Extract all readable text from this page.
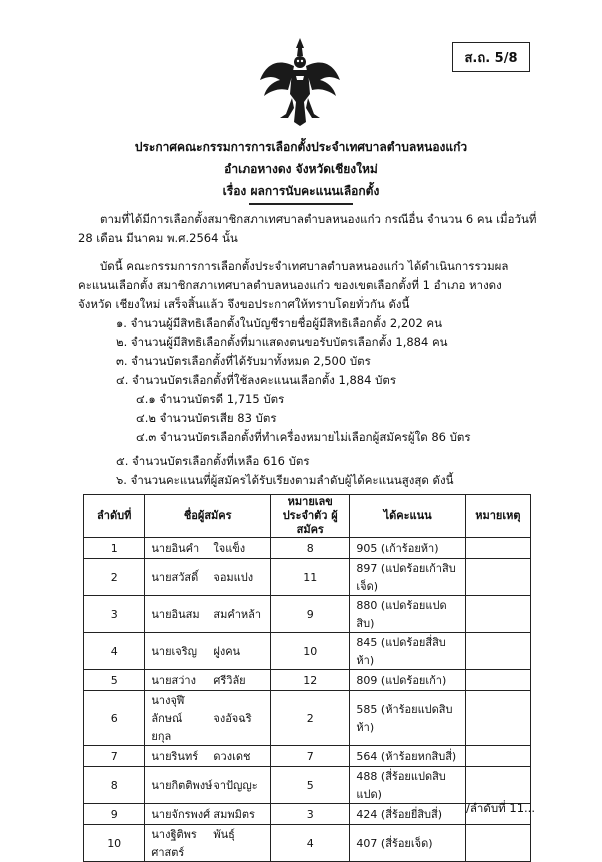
ส.ถ. 5/8
ประกาศคณะกรรมการการเลือกตั้งประจำเทศบาลตำบลหนองแก๋ว
อำเภอหางดง จังหวัดเชียงใหม่
เรื่อง ผลการนับคะแนนเลือกตั้ง
ตามที่ได้มีการเลือกตั้งสมาชิกสภาเทศบาลตำบลหนองแก๋ว กรณีอื่น จำนวน 6 คน เมื่อวันที่ 28 เดือน มีนาคม พ.ศ.2564 นั้น
บัดนี้ คณะกรรมการการเลือกตั้งประจำเทศบาลตำบลหนองแก๋ว ได้ดำเนินการรวมผลคะแนนเลือกตั้ง สมาชิกสภาเทศบาลตำบลหนองแก๋ว ของเขตเลือกตั้งที่ 1 อำเภอ หางดง จังหวัด เชียงใหม่ เสร็จสิ้นแล้ว จึงขอประกาศให้ทราบโดยทั่วกัน ดังนี้
๑. จำนวนผู้มีสิทธิเลือกตั้งในบัญชีรายชื่อผู้มีสิทธิเลือกตั้ง 2,202 คน
๒. จำนวนผู้มีสิทธิเลือกตั้งที่มาแสดงตนขอรับบัตรเลือกตั้ง 1,884 คน
๓. จำนวนบัตรเลือกตั้งที่ได้รับมาทั้งหมด 2,500 บัตร
๔. จำนวนบัตรเลือกตั้งที่ใช้ลงคะแนนเลือกตั้ง 1,884 บัตร
๔.๑ จำนวนบัตรดี 1,715 บัตร
๔.๒ จำนวนบัตรเสีย 83 บัตร
๔.๓ จำนวนบัตรเลือกตั้งที่ทำเครื่องหมายไม่เลือกผู้สมัครผู้ใด 86 บัตร
ลำดับที่	ชื่อผู้สมัคร	หมายเลขประจำตัว ผู้สมัคร	ได้คะแนน	หมายเหตุ
1	นายอินคำ ใจแข็ง	8	905 (เก้าร้อยห้า)	
2	นายสวัสดิ์ จอมแปง	11	897 (แปดร้อยเก้าสิบเจ็ด)	
3	นายอินสม สมคำหล้า	9	880 (แปดร้อยแปดสิบ)	
4	นายเจริญ ฝูงคน	10	845 (แปดร้อยสี่สิบห้า)	
5	นายสว่าง ศรีวิลัย	12	809 (แปดร้อยเก้า)	
6	นางจุฬีลักษณ์ จงอัจฉริยกุล	2	585 (ห้าร้อยแปดสิบห้า)	
7	นายรินทร์ ดวงเดช	7	564 (ห้าร้อยหกสิบสี่)	
8	นายกิตติพงษ์จาปัญญะ	5	488 (สี่ร้อยแปดสิบแปด)	
9	นายจักรพงศ์ สมพมิตร	3	424 (สี่ร้อยยี่สิบสี่)	
10	นางฐิติพร พันธุ์ศาสตร์	4	407 (สี่ร้อยเจ็ด)	
๕. จำนวนบัตรเลือกตั้งที่เหลือ 616 บัตร
๖. จำนวนคะแนนที่ผู้สมัครได้รับเรียงตามลำดับผู้ได้คะแนนสูงสุด ดังนี้
/ลำดับที่ 11...
